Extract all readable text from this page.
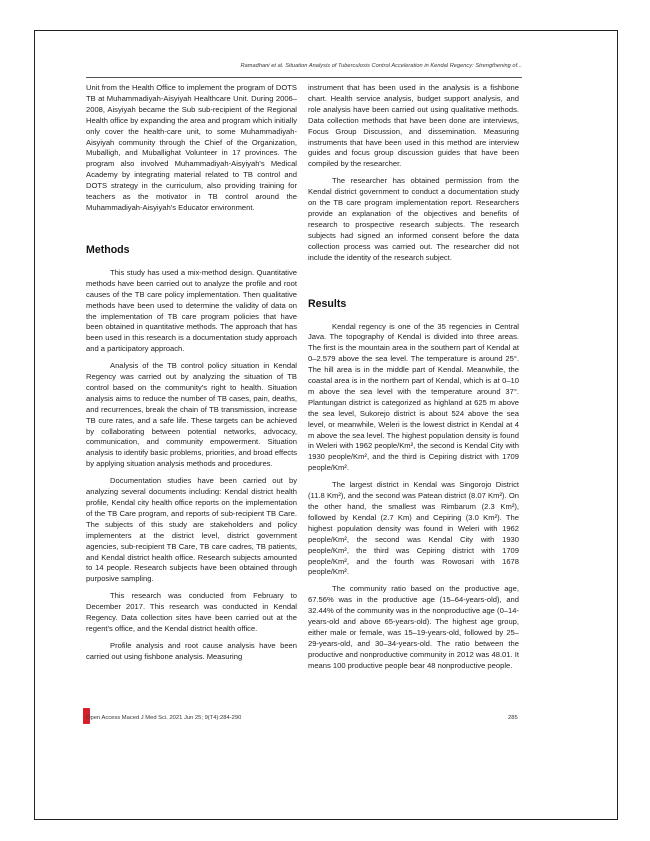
Ramadhani et al. Situation Analysis of Tuberculosis Control Acceleration in Kendal Regency: Strengthening of...

Unit from the Health Office to implement the program of DOTS TB at Muhammadiyah-Aisyiyah Healthcare Unit. During 2006–2008, Aisyiyah became the Sub sub-recipient of the Regional Health office by expanding the area and program which initially only cover the health-care unit, to some Muhammadiyah-Aisyiyah community through the Chief of the Organization, Muballigh, and Muballighat Volunteer in 17 provinces. The program also involved Muhammadiyah-Aisyiyah's Medical Academy by integrating material related to TB control and DOTS strategy in the curriculum, also providing training for teachers as the motivator in TB control around the Muhammadiyah-Aisyiyah's Educator environment.

Methods

This study has used a mix-method design. Quantitative methods have been carried out to analyze the profile and root causes of the TB care policy implementation. Then qualitative methods have been used to determine the validity of data on the implementation of TB care program policies that have been obtained in quantitative methods. The approach that has been used in this research is a documentation study approach and a participatory approach.

Analysis of the TB control policy situation in Kendal Regency was carried out by analyzing the situation of TB control based on the community's right to health. Situation analysis aims to reduce the number of TB cases, pain, deaths, and recurrences, break the chain of TB transmission, increase TB cure rates, and a safe life. These targets can be achieved by collaborating between potential networks, advocacy, communication, and community empowerment. Situation analysis to identify basic problems, priorities, and broad effects by applying situation analysis methods and procedures.

Documentation studies have been carried out by analyzing several documents including: Kendal district health profile, Kendal city health office reports on the implementation of the TB Care program, and reports of sub-recipient TB Care. The subjects of this study are stakeholders and policy implementers at the district level, district government agencies, sub-recipient TB Care, TB care cadres, TB patients, and Kendal district health office. Research subjects amounted to 14 people. Research subjects have been obtained through purposive sampling.

This research was conducted from February to December 2017. This research was conducted in Kendal Regency. Data collection sites have been carried out at the regent's office, and the Kendal district health office.

Profile analysis and root cause analysis have been carried out using fishbone analysis. Measuring

instrument that has been used in the analysis is a fishbone chart. Health service analysis, budget support analysis, and role analysis have been carried out using qualitative methods. Data collection methods that have been done are interviews, Focus Group Discussion, and dissemination. Measuring instruments that have been used in this method are interview guides and focus group discussion guides that have been compiled by the researcher.

The researcher has obtained permission from the Kendal district government to conduct a documentation study on the TB care program implementation report. Researchers provide an explanation of the objectives and benefits of research to prospective research subjects. The research subjects had signed an informed consent before the data collection process was carried out. The researcher did not include the identity of the research subject.

Results

Kendal regency is one of the 35 regencies in Central Java. The topography of Kendal is divided into three areas. The first is the mountain area in the southern part of Kendal at 0–2.579 above the sea level. The temperature is around 25°. The hill area is in the middle part of Kendal. Meanwhile, the coastal area is in the northern part of Kendal, which is at 0–10 m above the sea level with the temperature around 37°. Plantungan district is categorized as highland at 625 m above the sea level, Sukorejo district is about 524 above the sea level, or meanwhile, Weleri is the lowest district in Kendal at 4 m above the sea level. The highest population density is found in Weleri with 1962 people/Km², the second is Kendal City with 1930 people/Km², and the third is Cepiring district with 1709 people/Km².

The largest district in Kendal was Singorojo District (11.8 Km²), and the second was Patean district (8.07 Km²). On the other hand, the smallest was Rimbarum (2.3 Km²), followed by Kendal (2.7 Km) and Cepiring (3.0 Km²). The highest population density was found in Weleri with 1962 people/Km², the second was Kendal City with 1930 people/Km², the third was Cepiring district with 1709 people/Km², and the fourth was Rowosari with 1678 people/Km².

The community ratio based on the productive age, 67.56% was in the productive age (15–64-years-old), and 32.44% of the community was in the nonproductive age (0–14-years-old and above 65-years-old). The highest age group, either male or female, was 15–19-years-old, followed by 25–29-years-old, and 30–34-years-old. The ratio between the productive and nonproductive community in 2012 was 48.01. It means 100 productive people bear 48 nonproductive people.

Open Access Maced J Med Sci. 2021 Jun 25; 9(T4):284-290	285
